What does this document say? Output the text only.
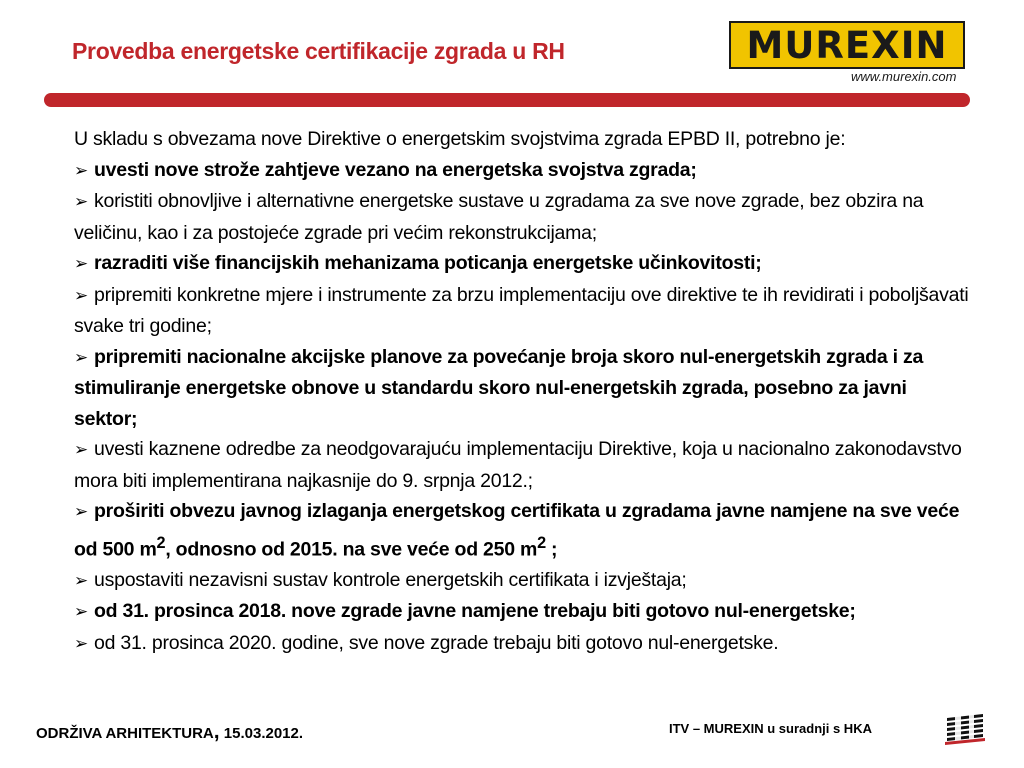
Provedba energetske certifikacije zgrada u RH	MUREXIN
www.murexin.com

U skladu s obvezama nove Direktive o energetskim svojstvima zgrada EPBD II, potrebno je:

➢ uvesti nove strože zahtjeve vezano na energetska svojstva zgrada;

➢ koristiti obnovljive i alternativne energetske sustave u zgradama za sve nove zgrade, bez obzira na veličinu, kao i za postojeće zgrade pri većim rekonstrukcijama;

➢ razraditi više financijskih mehanizama poticanja energetske učinkovitosti;

➢ pripremiti konkretne mjere i instrumente za brzu implementaciju ove direktive te ih revidirati i poboljšavati svake tri godine;

➢ pripremiti nacionalne akcijske planove za povećanje broja skoro nul-energetskih zgrada i za stimuliranje energetske obnove u standardu skoro nul-energetskih zgrada, posebno za javni sektor;

➢ uvesti kaznene odredbe za neodgovarajuću implementaciju Direktive, koja u nacionalno zakonodavstvo mora biti implementirana najkasnije do 9. srpnja 2012.;

➢ proširiti obvezu javnog izlaganja energetskog certifikata u zgradama javne namjene na sve veće od 500 $m^2$, odnosno od 2015. na sve veće od 250 $m^2$ ;

➢ uspostaviti nezavisni sustav kontrole energetskih certifikata i izvještaja;

➢ od 31. prosinca 2018. nove zgrade javne namjene trebaju biti gotovo nul-energetske;

➢ od 31. prosinca 2020. godine, sve nove zgrade trebaju biti gotovo nul-energetske.

ODRŽIVA ARHITEKTURA, 15.03.2012.	ITV – MUREXIN u suradnji s HKA
